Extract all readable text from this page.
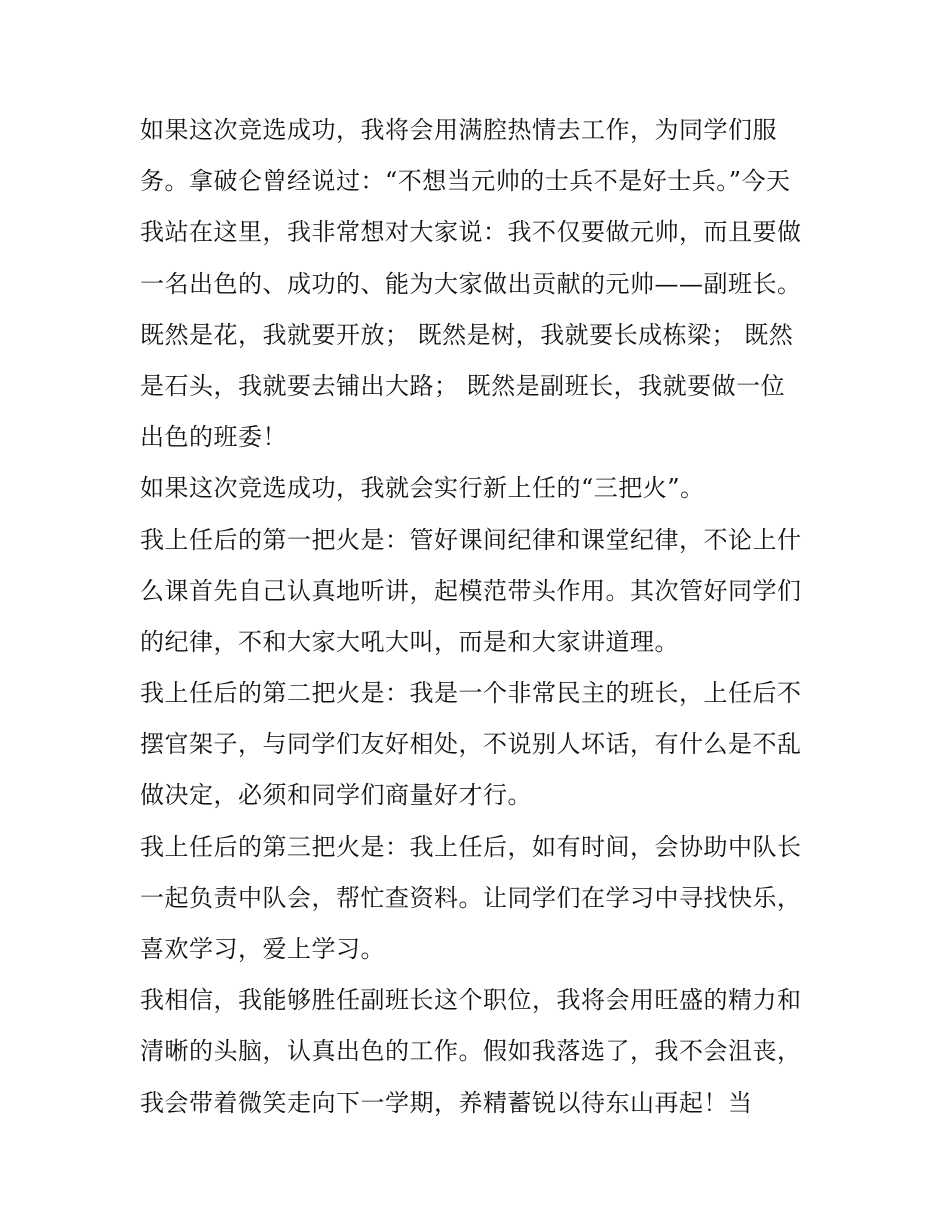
如果这次竞选成功，我将会用满腔热情去工作，为同学们服
务。拿破仑曾经说过：“不想当元帅的士兵不是好士兵。”今天
我站在这里，我非常想对大家说：我不仅要做元帅，而且要做
一名出色的、成功的、能为大家做出贡献的元帅——副班长。
既然是花，我就要开放； 既然是树，我就要长成栋梁； 既然
是石头，我就要去铺出大路； 既然是副班长，我就要做一位
出色的班委！
如果这次竞选成功，我就会实行新上任的“三把火”。
我上任后的第一把火是：管好课间纪律和课堂纪律，不论上什
么课首先自己认真地听讲，起模范带头作用。其次管好同学们
的纪律，不和大家大吼大叫，而是和大家讲道理。
我上任后的第二把火是：我是一个非常民主的班长，上任后不
摆官架子，与同学们友好相处，不说别人坏话，有什么是不乱
做决定，必须和同学们商量好才行。
我上任后的第三把火是：我上任后，如有时间，会协助中队长
一起负责中队会，帮忙查资料。让同学们在学习中寻找快乐，
喜欢学习，爱上学习。
我相信，我能够胜任副班长这个职位，我将会用旺盛的精力和
清晰的头脑，认真出色的工作。假如我落选了，我不会沮丧，
我会带着微笑走向下一学期，养精蓄锐以待东山再起！当
